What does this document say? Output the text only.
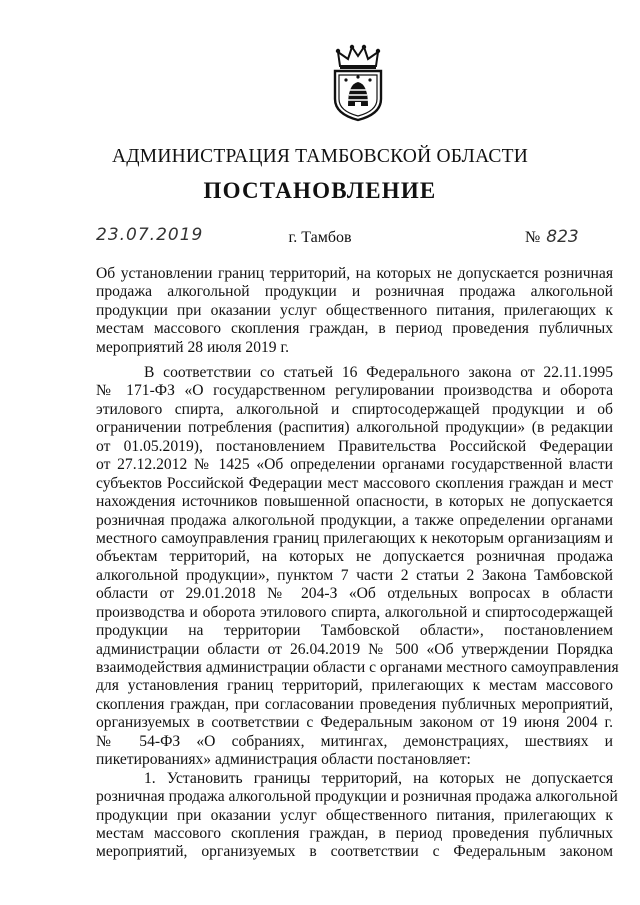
АДМИНИСТРАЦИЯ ТАМБОВСКОЙ ОБЛАСТИ
ПОСТАНОВЛЕНИЕ
23.07.2019	г. Тамбов	№ 823
Об установлении границ территорий, на которых не допускается розничная
продажа алкогольной продукции и розничная продажа алкогольной
продукции при оказании услуг общественного питания, прилегающих к
местам массового скопления граждан, в период проведения публичных
мероприятий 28 июля 2019 г.
В соответствии со статьей 16 Федерального закона от 22.11.1995
№ 171-ФЗ «О государственном регулировании производства и оборота
этилового спирта, алкогольной и спиртосодержащей продукции и об
ограничении потребления (распития) алкогольной продукции» (в редакции
от 01.05.2019), постановлением Правительства Российской Федерации
от 27.12.2012 № 1425 «Об определении органами государственной власти
субъектов Российской Федерации мест массового скопления граждан и мест
нахождения источников повышенной опасности, в которых не допускается
розничная продажа алкогольной продукции, а также определении органами
местного самоуправления границ прилегающих к некоторым организациям и
объектам территорий, на которых не допускается розничная продажа
алкогольной продукции», пунктом 7 части 2 статьи 2 Закона Тамбовской
области от 29.01.2018 № 204-З «Об отдельных вопросах в области
производства и оборота этилового спирта, алкогольной и спиртосодержащей
продукции на территории Тамбовской области», постановлением
администрации области от 26.04.2019 № 500 «Об утверждении Порядка
взаимодействия администрации области с органами местного самоуправления
для установления границ территорий, прилегающих к местам массового
скопления граждан, при согласовании проведения публичных мероприятий,
организуемых в соответствии с Федеральным законом от 19 июня 2004 г.
№ 54-ФЗ «О собраниях, митингах, демонстрациях, шествиях и
пикетированиях» администрация области постановляет:
1. Установить границы территорий, на которых не допускается
розничная продажа алкогольной продукции и розничная продажа алкогольной
продукции при оказании услуг общественного питания, прилегающих к
местам массового скопления граждан, в период проведения публичных
мероприятий, организуемых в соответствии с Федеральным законом
